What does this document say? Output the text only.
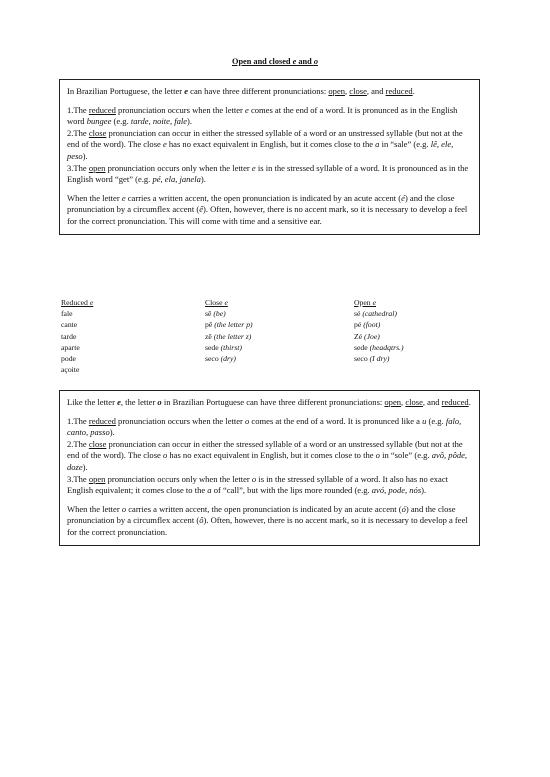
Open and closed e and o

In Brazilian Portuguese, the letter e can have three different pronunciations: open, close, and reduced.

1.The reduced pronunciation occurs when the letter e comes at the end of a word. It is pronunced as in the English word bungee (e.g. tarde, noite, fale).

2.The close pronunciation can occur in either the stressed syllable of a word or an unstressed syllable (but not at the end of the word). The close e has no exact equivalent in English, but it comes close to the a in “sale” (e.g. lê, ele, peso).

3.The open pronunciation occurs only when the letter e is in the stressed syllable of a word. It is pronounced as in the English word “get” (e.g. pé, ela, janela).

When the letter e carries a written accent, the open pronunciation is indicated by an acute accent (é) and the close pronunciation by a circumflex accent (ê). Often, however, there is no accent mark, so it is necessary to develop a feel for the correct pronunciation. This will come with time and a sensitive ear.

Reduced e
fale
cante
tarde
aparte
pode
açoite
Close e
sê (be)
pê (the letter p)
zê (the letter z)
sede (thirst)
seco (dry)
Open e
sé (cathedral)
pé (foot)
Zé (Joe)
sede (headqtrs.)
seco (I dry)

Like the letter e, the letter o in Brazilian Portuguese can have three different pronunciations: open, close, and reduced.

1.The reduced pronunciation occurs when the letter o comes at the end of a word. It is pronunced like a u (e.g. falo, canto, passo).

2.The close pronunciation can occur in either the stressed syllable of a word or an unstressed syllable (but not at the end of the word). The close o has no exact equivalent in English, but it comes close to the o in “sole” (e.g. avô, pôde, doze).

3.The open pronunciation occurs only when the letter o is in the stressed syllable of a word. It also has no exact English equivalent; it comes close to the a of “call”, but with the lips more rounded (e.g. avó, pode, nós).

When the letter o carries a written accent, the open pronunciation is indicated by an acute accent (ó) and the close pronunciation by a circumflex accent (ô). Often, however, there is no accent mark, so it is necessary to develop a feel for the correct pronunciation.
